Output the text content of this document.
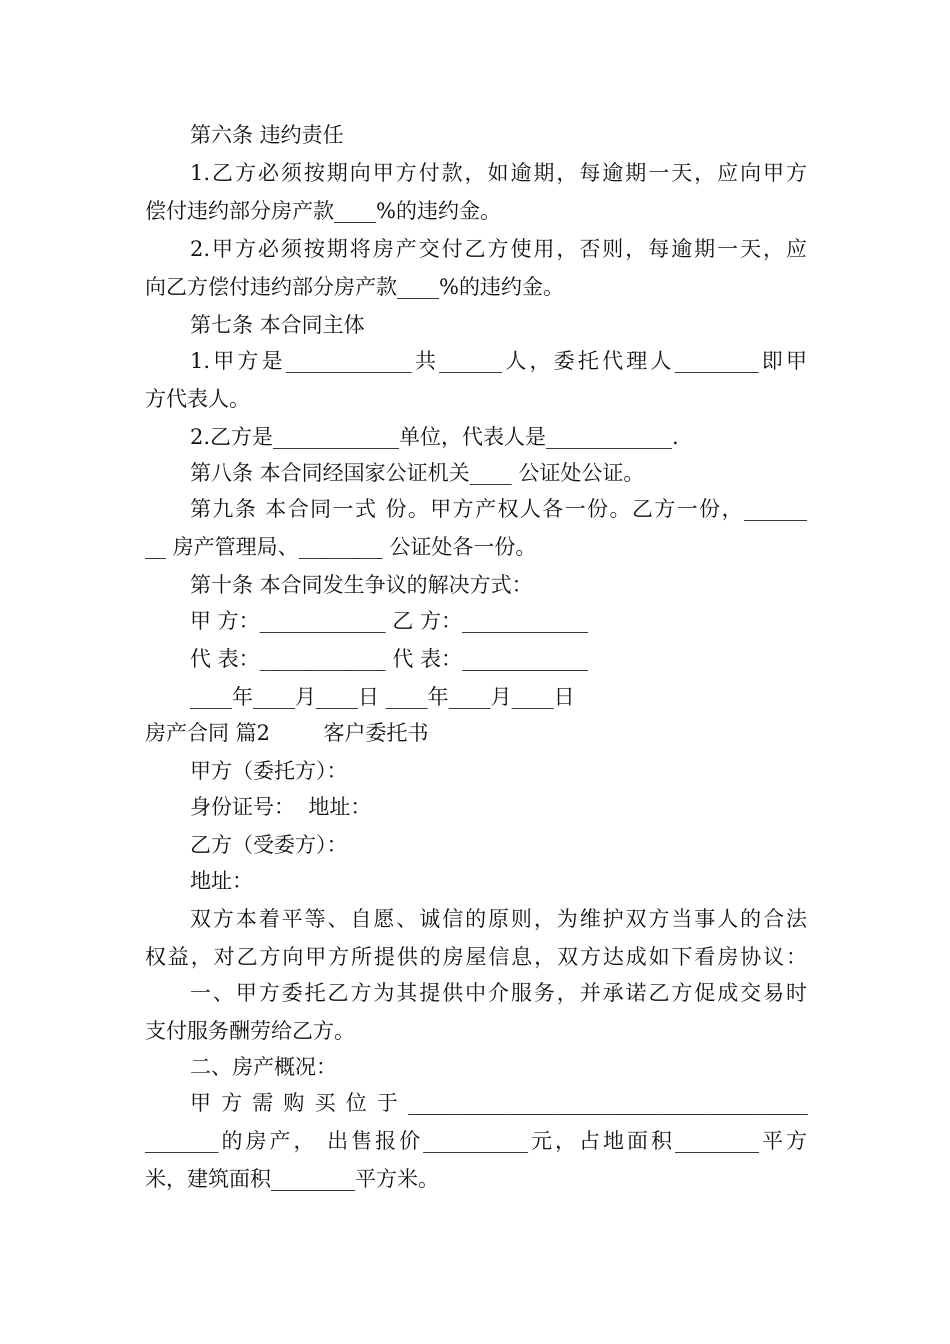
第六条 违约责任
1.乙方必须按期向甲方付款，如逾期，每逾期一天，应向甲方
偿付违约部分房产款____%的违约金。
2.甲方必须按期将房产交付乙方使用，否则，每逾期一天，应
向乙方偿付违约部分房产款____%的违约金。
第七条 本合同主体
1.甲方是____________共______人，委托代理人________即甲
方代表人。
2.乙方是____________单位，代表人是____________.
第八条 本合同经国家公证机关____ 公证处公证。
第九条 本合同一式 份。甲方产权人各一份。乙方一份，______
__ 房产管理局、________ 公证处各一份。
第十条 本合同发生争议的解决方式：
甲 方：____________ 乙 方：____________
代 表：____________ 代 表：____________
____年____月____日 ____年____月____日
房产合同 篇2        客户委托书
甲方（委托方）：
身份证号：  地址：
乙方（受委方）：
地址：
双方本着平等、自愿、诚信的原则，为维护双方当事人的合法
权益，对乙方向甲方所提供的房屋信息，双方达成如下看房协议：
一、甲方委托乙方为其提供中介服务，并承诺乙方促成交易时
支付服务酬劳给乙方。
二、房产概况：
甲方需购买位于__________________________________________
_______的房产， 出售报价__________元，占地面积________平方
米，建筑面积________平方米。
